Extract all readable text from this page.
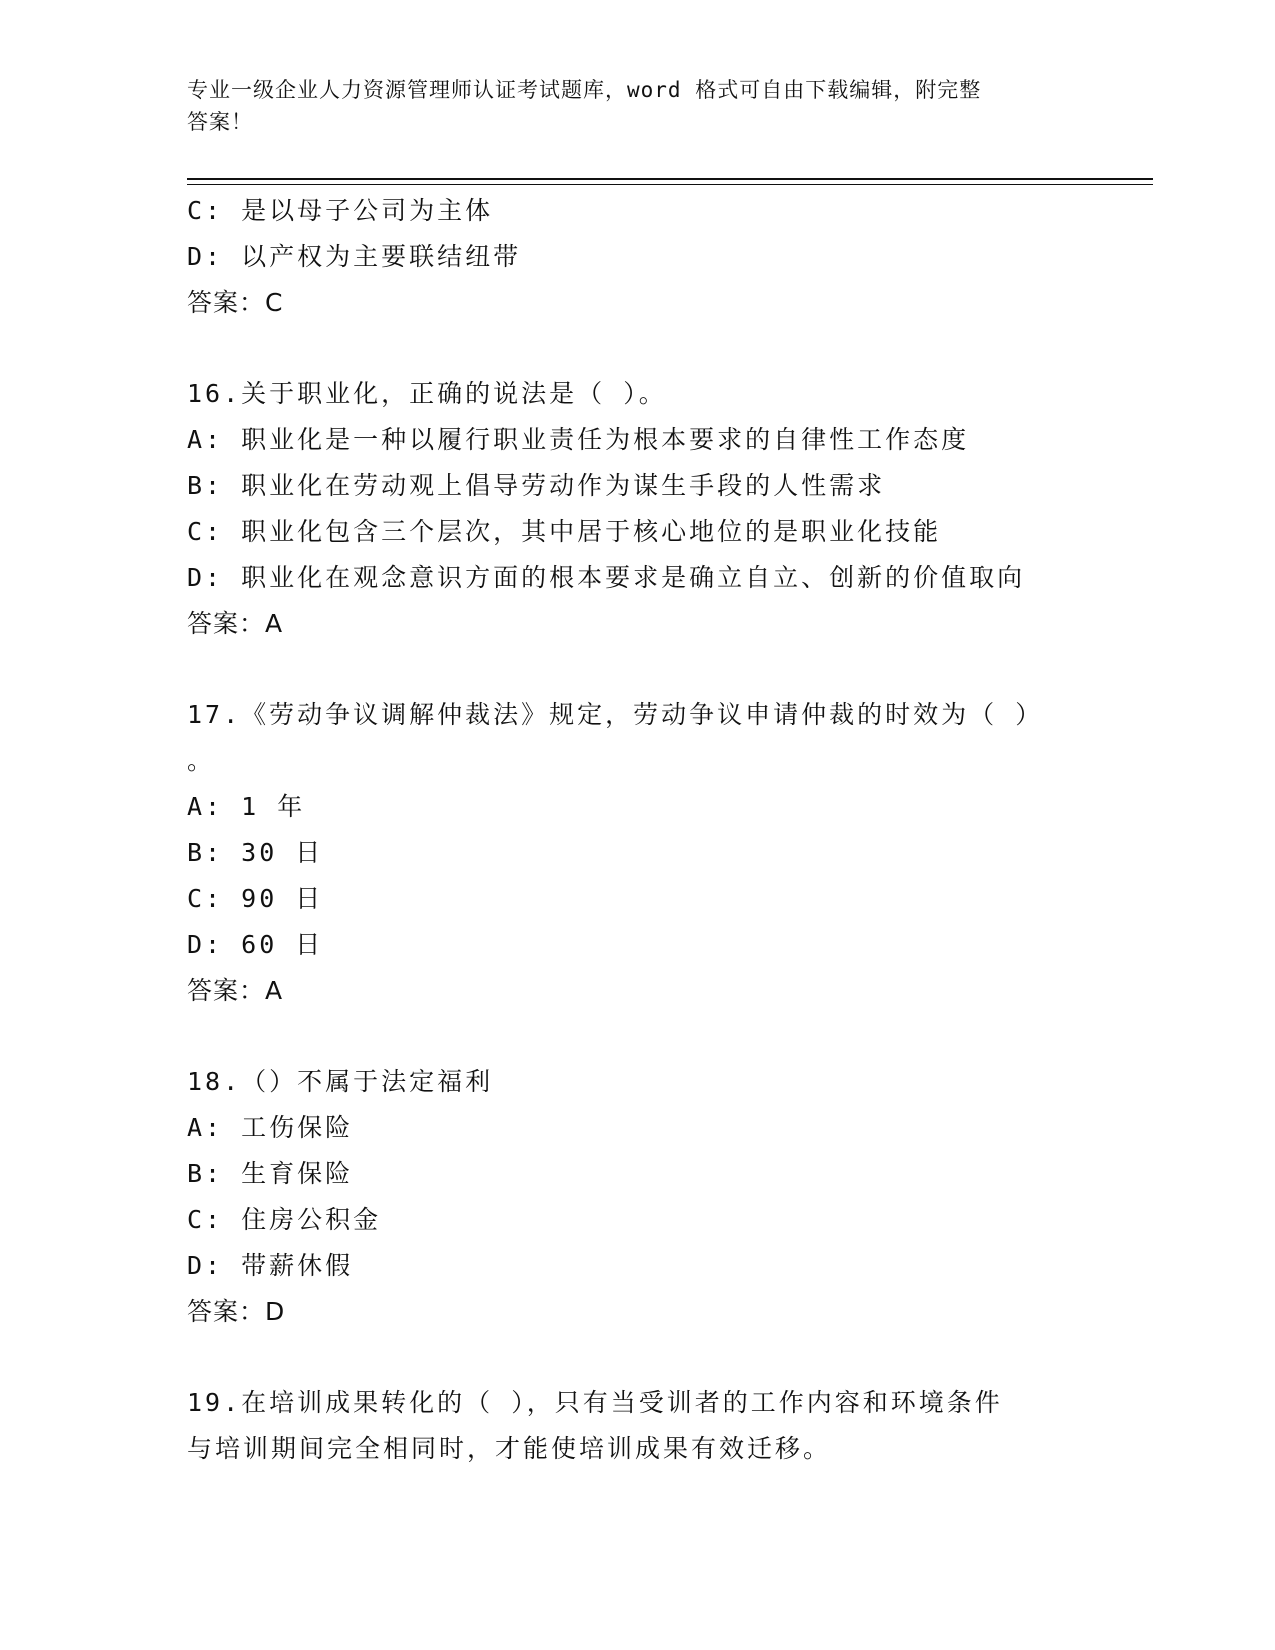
专业一级企业人力资源管理师认证考试题库，word 格式可自由下载编辑，附完整
答案！
C: 是以母子公司为主体
D: 以产权为主要联结纽带
答案：C
16.关于职业化，正确的说法是（ ）。
A: 职业化是一种以履行职业责任为根本要求的自律性工作态度
B: 职业化在劳动观上倡导劳动作为谋生手段的人性需求
C: 职业化包含三个层次，其中居于核心地位的是职业化技能
D: 职业化在观念意识方面的根本要求是确立自立、创新的价值取向
答案：A
17.《劳动争议调解仲裁法》规定，劳动争议申请仲裁的时效为（ ）
。
A: 1 年
B: 30 日
C: 90 日
D: 60 日
答案：A
18.（）不属于法定福利
A: 工伤保险
B: 生育保险
C: 住房公积金
D: 带薪休假
答案：D
19.在培训成果转化的（ ），只有当受训者的工作内容和环境条件
与培训期间完全相同时，才能使培训成果有效迁移。
